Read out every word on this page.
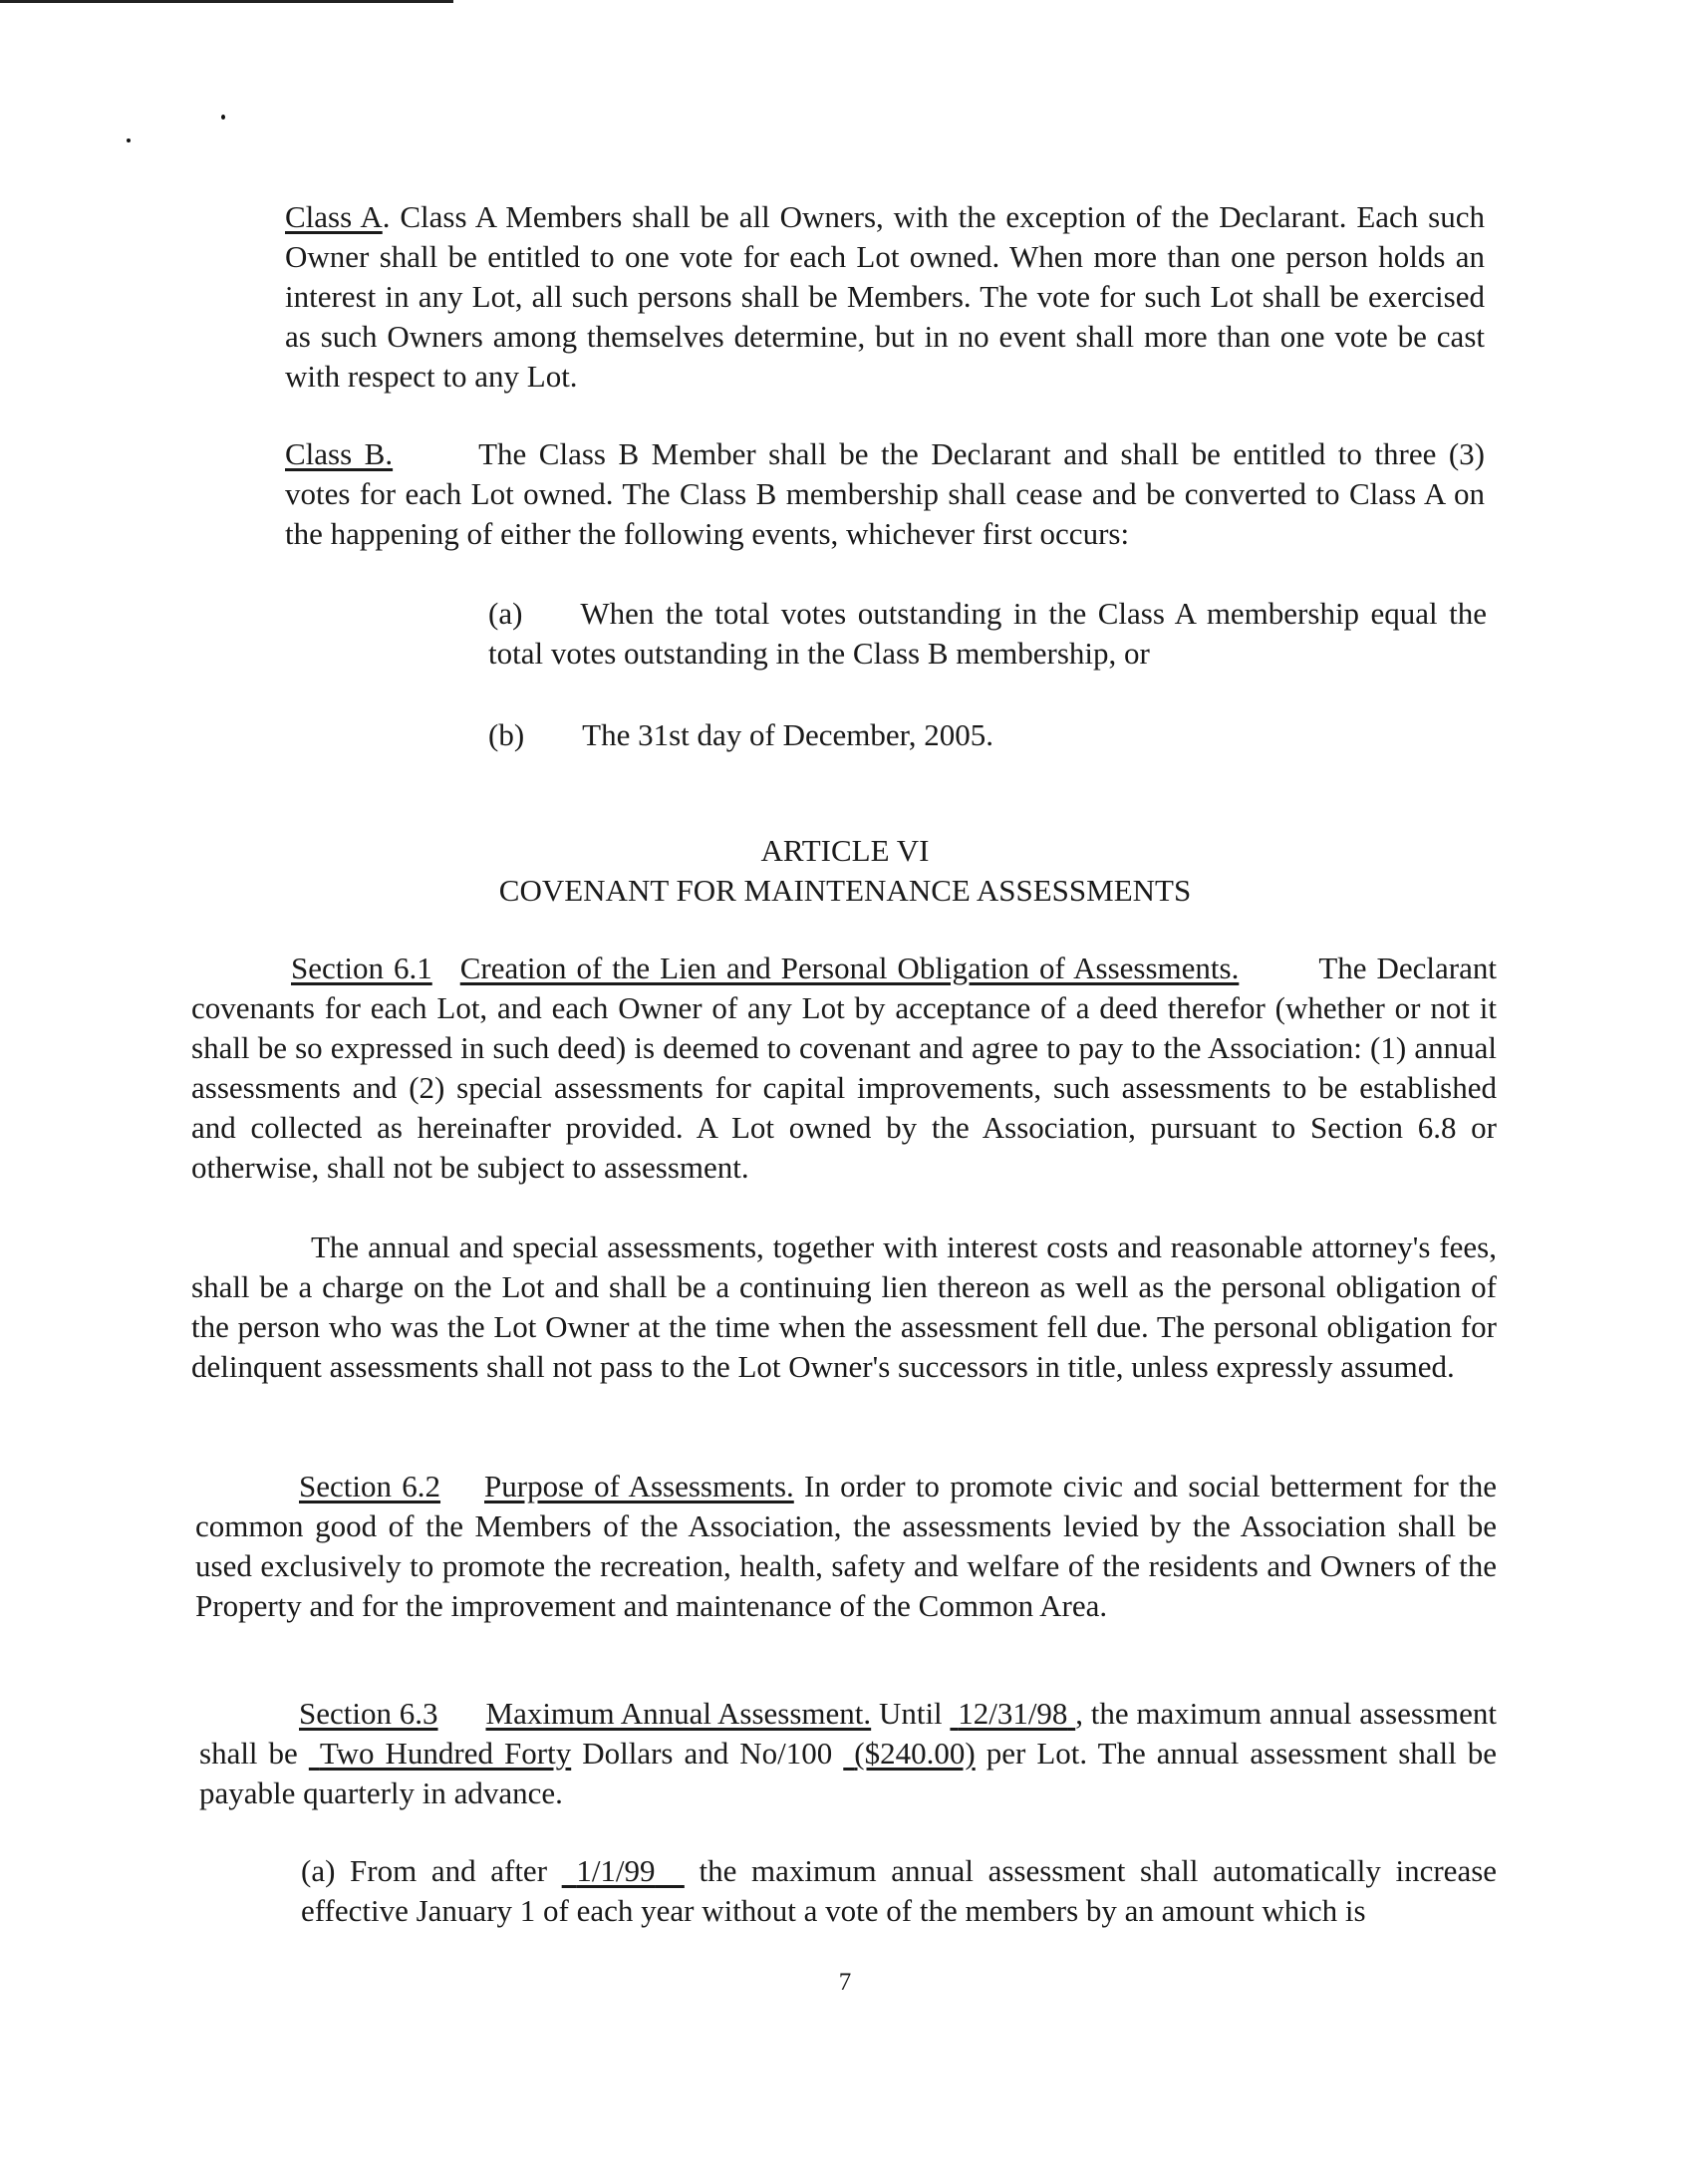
Class A. Class A Members shall be all Owners, with the exception of the Declarant. Each such Owner shall be entitled to one vote for each Lot owned. When more than one person holds an interest in any Lot, all such persons shall be Members. The vote for such Lot shall be exercised as such Owners among themselves determine, but in no event shall more than one vote be cast with respect to any Lot.

Class B.	The Class B Member shall be the Declarant and shall be entitled to three (3) votes for each Lot owned. The Class B membership shall cease and be converted to Class A on the happening of either the following events, whichever first occurs:

(a) When the total votes outstanding in the Class A membership equal the total votes outstanding in the Class B membership, or

(b) The 31st day of December, 2005.

ARTICLE VI

COVENANT FOR MAINTENANCE ASSESSMENTS

Section 6.1 Creation of the Lien and Personal Obligation of Assessments.	The Declarant covenants for each Lot, and each Owner of any Lot by acceptance of a deed therefor (whether or not it shall be so expressed in such deed) is deemed to covenant and agree to pay to the Association: (1) annual assessments and (2) special assessments for capital improvements, such assessments to be established and collected as hereinafter provided. A Lot owned by the Association, pursuant to Section 6.8 or otherwise, shall not be subject to assessment.

The annual and special assessments, together with interest costs and reasonable attorney's fees, shall be a charge on the Lot and shall be a continuing lien thereon as well as the personal obligation of the person who was the Lot Owner at the time when the assessment fell due. The personal obligation for delinquent assessments shall not pass to the Lot Owner's successors in title, unless expressly assumed.

Section 6.2 Purpose of Assessments. In order to promote civic and social betterment for the common good of the Members of the Association, the assessments levied by the Association shall be used exclusively to promote the recreation, health, safety and welfare of the residents and Owners of the Property and for the improvement and maintenance of the Common Area.

Section 6.3 Maximum Annual Assessment. Until 12/31/98 , the maximum annual assessment shall be Two Hundred Forty Dollars and No/100 ($240.00) per Lot. The annual assessment shall be payable quarterly in advance.

(a) From and after 1/1/99 the maximum annual assessment shall automatically increase effective January 1 of each year without a vote of the members by an amount which is

7
